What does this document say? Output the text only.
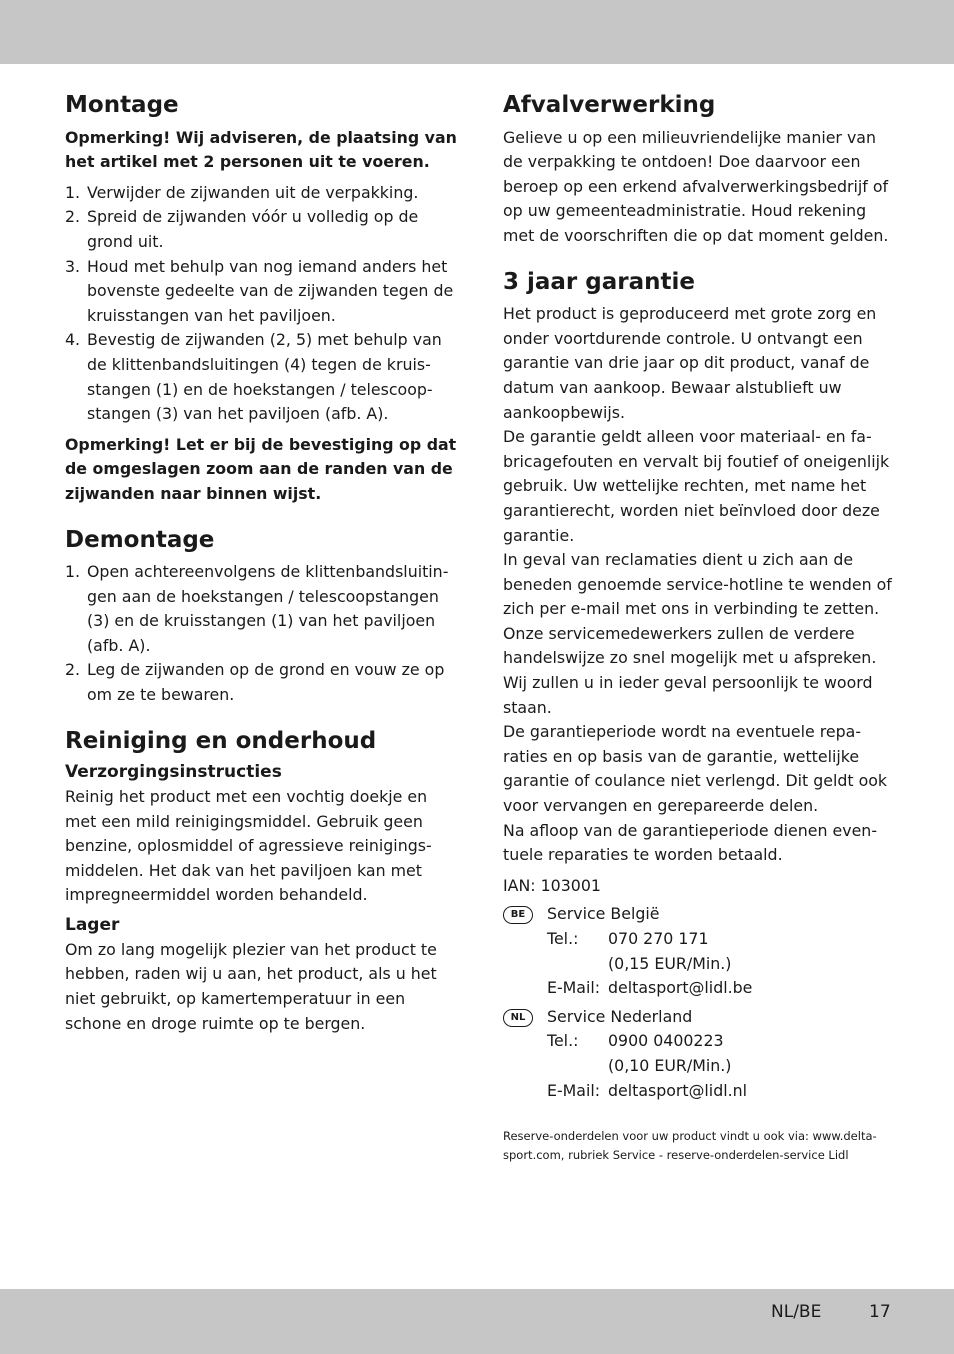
Montage

Opmerking! Wij adviseren, de plaatsing van het artikel met 2 personen uit te voeren.

1. Verwijder de zijwanden uit de verpakking.
2. Spreid de zijwanden vóór u volledig op de grond uit.
3. Houd met behulp van nog iemand anders het bovenste gedeelte van de zijwanden tegen de kruisstangen van het paviljoen.
4. Bevestig de zijwanden (2, 5) met behulp van de klittenbandsluitingen (4) tegen de kruisstangen (1) en de hoekstangen / telescoopstangen (3) van het paviljoen (afb. A).

Opmerking! Let er bij de bevestiging op dat de omgeslagen zoom aan de randen van de zijwanden naar binnen wijst.

Demontage
1. Open achtereenvolgens de klittenbandsluitingen aan de hoekstangen / telescoopstangen (3) en de kruisstangen (1) van het paviljoen (afb. A).
2. Leg de zijwanden op de grond en vouw ze op om ze te bewaren.
Reiniging en onderhoud
Verzorgingsinstructies

Reinig het product met een vochtig doekje en met een mild reinigingsmiddel. Gebruik geen benzine, oplosmiddel of agressieve reinigingsmiddelen. Het dak van het paviljoen kan met impregneermiddel worden behandeld.

Lager

Om zo lang mogelijk plezier van het product te hebben, raden wij u aan, het product, als u het niet gebruikt, op kamertemperatuur in een schone en droge ruimte op te bergen.

Afvalverwerking

Gelieve u op een milieuvriendelijke manier van de verpakking te ontdoen! Doe daarvoor een beroep op een erkend afvalverwerkingsbedrijf of op uw gemeenteadministratie. Houd rekening met de voorschriften die op dat moment gelden.

3 jaar garantie

Het product is geproduceerd met grote zorg en onder voortdurende controle. U ontvangt een garantie van drie jaar op dit product, vanaf de datum van aankoop. Bewaar alstublieft uw aankoopbewijs.

De garantie geldt alleen voor materiaal- en fabricagefouten en vervalt bij foutief of oneigenlijk gebruik. Uw wettelijke rechten, met name het garantierecht, worden niet beïnvloed door deze garantie.

In geval van reclamaties dient u zich aan de beneden genoemde service-hotline te wenden of zich per e-mail met ons in verbinding te zetten. Onze servicemedewerkers zullen de verdere handelswijze zo snel mogelijk met u afspreken. Wij zullen u in ieder geval persoonlijk te woord staan.

De garantieperiode wordt na eventuele reparaties en op basis van de garantie, wettelijke garantie of coulance niet verlengd. Dit geldt ook voor vervangen en gerepareerde delen.

Na afloop van de garantieperiode dienen eventuele reparaties te worden betaald.

IAN: 103001

BE	Service België
Tel.:	070 270 171
(0,15 EUR/Min.)
E-Mail: deltasport@lidl.be
NL	Service Nederland
Tel.:	0900 0400223
(0,10 EUR/Min.)
E-Mail: deltasport@lidl.nl

Reserve-onderdelen voor uw product vindt u ook via: www.delta-sport.com, rubriek Service - reserve-onderdelen-service Lidl

NL/BE	17
